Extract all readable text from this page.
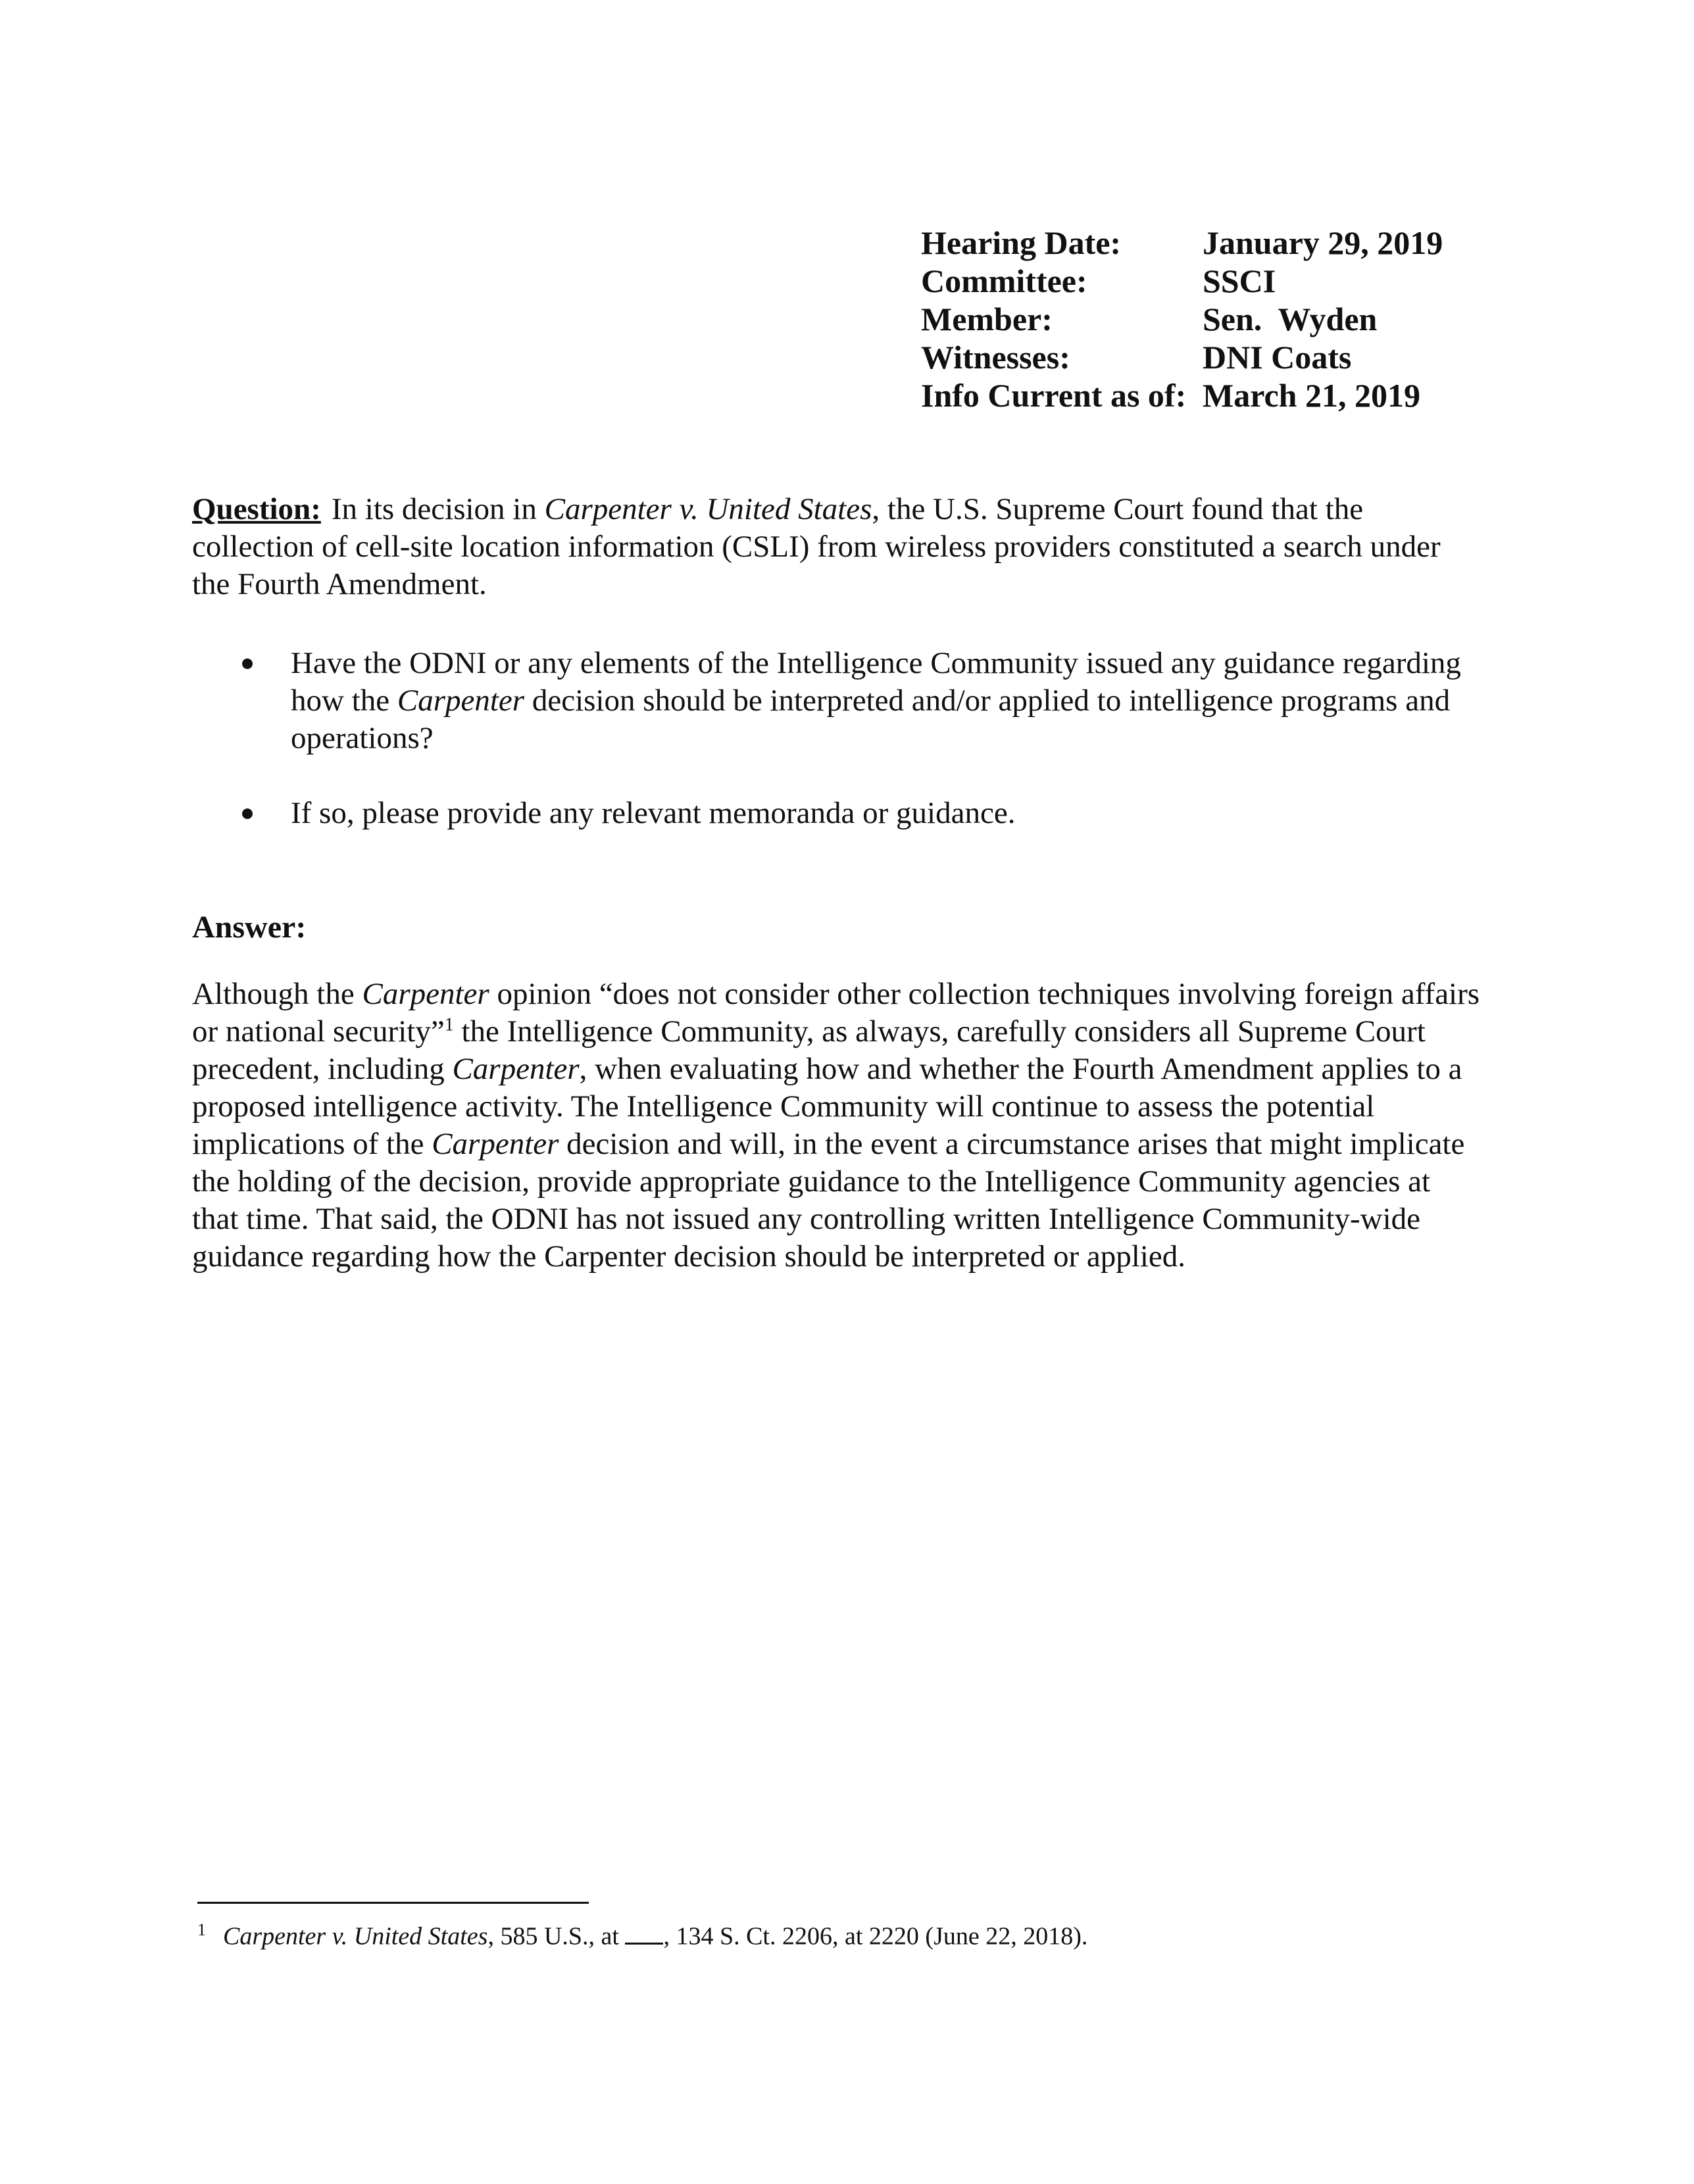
Hearing Date:	January 29, 2019
Committee:	SSCI
Member:	Sen.  Wyden
Witnesses:	DNI Coats
Info Current as of:	March 21, 2019

Question: In its decision in Carpenter v. United States, the U.S. Supreme Court found that the collection of cell-site location information (CSLI) from wireless providers constituted a search under the Fourth Amendment.

Have the ODNI or any elements of the Intelligence Community issued any guidance regarding how the Carpenter decision should be interpreted and/or applied to intelligence programs and operations?
If so, please provide any relevant memoranda or guidance.
Answer:

Although the Carpenter opinion “does not consider other collection techniques involving foreign affairs or national security”$^1$ the Intelligence Community, as always, carefully considers all Supreme Court precedent, including Carpenter, when evaluating how and whether the Fourth Amendment applies to a proposed intelligence activity. The Intelligence Community will continue to assess the potential implications of the Carpenter decision and will, in the event a circumstance arises that might implicate the holding of the decision, provide appropriate guidance to the Intelligence Community agencies at that time. That said, the ODNI has not issued any controlling written Intelligence Community-wide guidance regarding how the Carpenter decision should be interpreted or applied.

$^1$ Carpenter v. United States, 585 U.S., at , 134 S. Ct. 2206, at 2220 (June 22, 2018).
